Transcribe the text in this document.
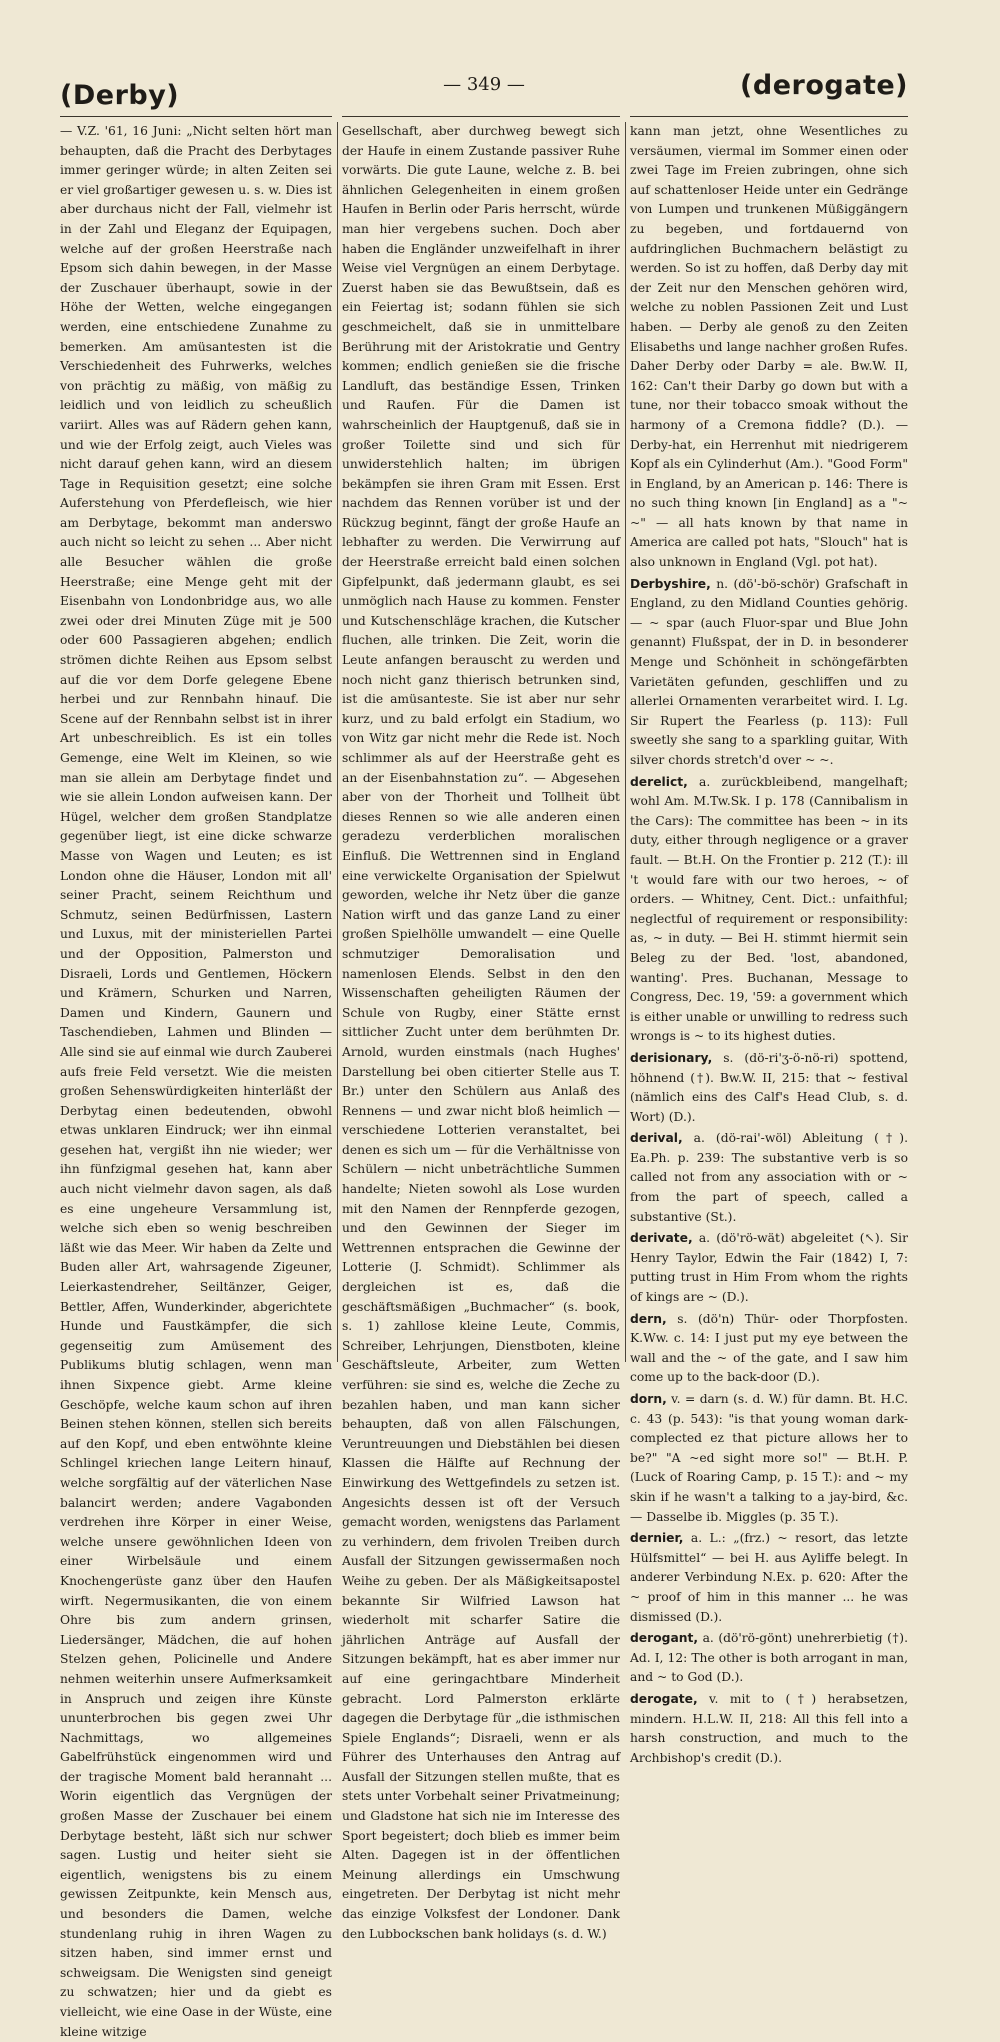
(Derby)	— 349 —	(derogate)

— V.Z. '61, 16 Juni: „Nicht selten hört man behaupten, daß die Pracht des Derbytages immer geringer würde; in alten Zeiten sei er viel großartiger gewesen u. s. w. Dies ist aber durchaus nicht der Fall, vielmehr ist in der Zahl und Eleganz der Equipagen, welche auf der großen Heerstraße nach Epsom sich dahin bewegen, in der Masse der Zuschauer überhaupt, sowie in der Höhe der Wetten, welche eingegangen werden, eine entschiedene Zunahme zu bemerken. Am amüsantesten ist die Verschiedenheit des Fuhrwerks, welches von prächtig zu mäßig, von mäßig zu leidlich und von leidlich zu scheußlich variirt. Alles was auf Rädern gehen kann, und wie der Erfolg zeigt, auch Vieles was nicht darauf gehen kann, wird an diesem Tage in Requisition gesetzt; eine solche Auferstehung von Pferdefleisch, wie hier am Derbytage, bekommt man anderswo auch nicht so leicht zu sehen ... Aber nicht alle Besucher wählen die große Heerstraße; eine Menge geht mit der Eisenbahn von Londonbridge aus, wo alle zwei oder drei Minuten Züge mit je 500 oder 600 Passagieren abgehen; endlich strömen dichte Reihen aus Epsom selbst auf die vor dem Dorfe gelegene Ebene herbei und zur Rennbahn hinauf. Die Scene auf der Rennbahn selbst ist in ihrer Art unbeschreiblich. Es ist ein tolles Gemenge, eine Welt im Kleinen, so wie man sie allein am Derbytage findet und wie sie allein London aufweisen kann. Der Hügel, welcher dem großen Standplatze gegenüber liegt, ist eine dicke schwarze Masse von Wagen und Leuten; es ist London ohne die Häuser, London mit all' seiner Pracht, seinem Reichthum und Schmutz, seinen Bedürfnissen, Lastern und Luxus, mit der ministeriellen Partei und der Opposition, Palmerston und Disraeli, Lords und Gentlemen, Höckern und Krämern, Schurken und Narren, Damen und Kindern, Gaunern und Taschendieben, Lahmen und Blinden — Alle sind sie auf einmal wie durch Zauberei aufs freie Feld versetzt. Wie die meisten großen Sehenswürdigkeiten hinterläßt der Derbytag einen bedeutenden, obwohl etwas unklaren Eindruck; wer ihn einmal gesehen hat, vergißt ihn nie wieder; wer ihn fünfzigmal gesehen hat, kann aber auch nicht vielmehr davon sagen, als daß es eine ungeheure Versammlung ist, welche sich eben so wenig beschreiben läßt wie das Meer. Wir haben da Zelte und Buden aller Art, wahrsagende Zigeuner, Leierkastendreher, Seiltänzer, Geiger, Bettler, Affen, Wunderkinder, abgerichtete Hunde und Faustkämpfer, die sich gegenseitig zum Amüsement des Publikums blutig schlagen, wenn man ihnen Sixpence giebt. Arme kleine Geschöpfe, welche kaum schon auf ihren Beinen stehen können, stellen sich bereits auf den Kopf, und eben entwöhnte kleine Schlingel kriechen lange Leitern hinauf, welche sorgfältig auf der väterlichen Nase balancirt werden; andere Vagabonden verdrehen ihre Körper in einer Weise, welche unsere gewöhnlichen Ideen von einer Wirbelsäule und einem Knochengerüste ganz über den Haufen wirft. Negermusikanten, die von einem Ohre bis zum andern grinsen, Liedersänger, Mädchen, die auf hohen Stelzen gehen, Policinelle und Andere nehmen weiterhin unsere Aufmerksamkeit in Anspruch und zeigen ihre Künste ununterbrochen bis gegen zwei Uhr Nachmittags, wo allgemeines Gabelfrühstück eingenommen wird und der tragische Moment bald herannaht ... Worin eigentlich das Vergnügen der großen Masse der Zuschauer bei einem Derbytage besteht, läßt sich nur schwer sagen. Lustig und heiter sieht sie eigentlich, wenigstens bis zu einem gewissen Zeitpunkte, kein Mensch aus, und besonders die Damen, welche stundenlang ruhig in ihren Wagen zu sitzen haben, sind immer ernst und schweigsam. Die Wenigsten sind geneigt zu schwatzen; hier und da giebt es vielleicht, wie eine Oase in der Wüste, eine kleine witzige

Gesellschaft, aber durchweg bewegt sich der Haufe in einem Zustande passiver Ruhe vorwärts. Die gute Laune, welche z. B. bei ähnlichen Gelegenheiten in einem großen Haufen in Berlin oder Paris herrscht, würde man hier vergebens suchen. Doch aber haben die Engländer unzweifelhaft in ihrer Weise viel Vergnügen an einem Derbytage. Zuerst haben sie das Bewußtsein, daß es ein Feiertag ist; sodann fühlen sie sich geschmeichelt, daß sie in unmittelbare Berührung mit der Aristokratie und Gentry kommen; endlich genießen sie die frische Landluft, das beständige Essen, Trinken und Raufen. Für die Damen ist wahrscheinlich der Hauptgenuß, daß sie in großer Toilette sind und sich für unwiderstehlich halten; im übrigen bekämpfen sie ihren Gram mit Essen. Erst nachdem das Rennen vorüber ist und der Rückzug beginnt, fängt der große Haufe an lebhafter zu werden. Die Verwirrung auf der Heerstraße erreicht bald einen solchen Gipfelpunkt, daß jedermann glaubt, es sei unmöglich nach Hause zu kommen. Fenster und Kutschenschläge krachen, die Kutscher fluchen, alle trinken. Die Zeit, worin die Leute anfangen berauscht zu werden und noch nicht ganz thierisch betrunken sind, ist die amüsanteste. Sie ist aber nur sehr kurz, und zu bald erfolgt ein Stadium, wo von Witz gar nicht mehr die Rede ist. Noch schlimmer als auf der Heerstraße geht es an der Eisenbahnstation zu“. — Abgesehen aber von der Thorheit und Tollheit übt dieses Rennen so wie alle anderen einen geradezu verderblichen moralischen Einfluß. Die Wettrennen sind in England eine verwickelte Organisation der Spielwut geworden, welche ihr Netz über die ganze Nation wirft und das ganze Land zu einer großen Spielhölle umwandelt — eine Quelle schmutziger Demoralisation und namenlosen Elends. Selbst in den den Wissenschaften geheiligten Räumen der Schule von Rugby, einer Stätte ernst sittlicher Zucht unter dem berühmten Dr. Arnold, wurden einstmals (nach Hughes' Darstellung bei oben citierter Stelle aus T. Br.) unter den Schülern aus Anlaß des Rennens — und zwar nicht bloß heimlich — verschiedene Lotterien veranstaltet, bei denen es sich um — für die Verhältnisse von Schülern — nicht unbeträchtliche Summen handelte; Nieten sowohl als Lose wurden mit den Namen der Rennpferde gezogen, und den Gewinnen der Sieger im Wettrennen entsprachen die Gewinne der Lotterie (J. Schmidt). Schlimmer als dergleichen ist es, daß die geschäftsmäßigen „Buchmacher“ (s. book, s. 1) zahllose kleine Leute, Commis, Schreiber, Lehrjungen, Dienstboten, kleine Geschäftsleute, Arbeiter, zum Wetten verführen: sie sind es, welche die Zeche zu bezahlen haben, und man kann sicher behaupten, daß von allen Fälschungen, Veruntreuungen und Diebstählen bei diesen Klassen die Hälfte auf Rechnung der Einwirkung des Wettgefindels zu setzen ist. Angesichts dessen ist oft der Versuch gemacht worden, wenigstens das Parlament zu verhindern, dem frivolen Treiben durch Ausfall der Sitzungen gewissermaßen noch Weihe zu geben. Der als Mäßigkeitsapostel bekannte Sir Wilfried Lawson hat wiederholt mit scharfer Satire die jährlichen Anträge auf Ausfall der Sitzungen bekämpft, hat es aber immer nur auf eine geringachtbare Minderheit gebracht. Lord Palmerston erklärte dagegen die Derbytage für „die isthmischen Spiele Englands“; Disraeli, wenn er als Führer des Unterhauses den Antrag auf Ausfall der Sitzungen stellen mußte, that es stets unter Vorbehalt seiner Privatmeinung; und Gladstone hat sich nie im Interesse des Sport begeistert; doch blieb es immer beim Alten. Dagegen ist in der öffentlichen Meinung allerdings ein Umschwung eingetreten. Der Derbytag ist nicht mehr das einzige Volksfest der Londoner. Dank den Lubbockschen bank holidays (s. d. W.)

kann man jetzt, ohne Wesentliches zu versäumen, viermal im Sommer einen oder zwei Tage im Freien zubringen, ohne sich auf schattenloser Heide unter ein Gedränge von Lumpen und trunkenen Müßiggängern zu begeben, und fortdauernd von aufdringlichen Buchmachern belästigt zu werden. So ist zu hoffen, daß Derby day mit der Zeit nur den Menschen gehören wird, welche zu noblen Passionen Zeit und Lust haben. — Derby ale genoß zu den Zeiten Elisabeths und lange nachher großen Rufes. Daher Derby oder Darby = ale. Bw.W. II, 162: Can't their Darby go down but with a tune, nor their tobacco smoak without the harmony of a Cremona fiddle? (D.). — Derby-hat, ein Herrenhut mit niedrigerem Kopf als ein Cylinderhut (Am.). "Good Form" in England, by an American p. 146: There is no such thing known [in England] as a "~ ~" — all hats known by that name in America are called pot hats, "Slouch" hat is also unknown in England (Vgl. pot hat).

Derbyshire, n. (dö'-bö-schör) Grafschaft in England, zu den Midland Counties gehörig. — ~ spar (auch Fluor-spar und Blue John genannt) Flußspat, der in D. in besonderer Menge und Schönheit in schöngefärbten Varietäten gefunden, geschliffen und zu allerlei Ornamenten verarbeitet wird. I. Lg. Sir Rupert the Fearless (p. 113): Full sweetly she sang to a sparkling guitar, With silver chords stretch'd over ~ ~.

derelict, a. zurückbleibend, mangelhaft; wohl Am. M.Tw.Sk. I p. 178 (Cannibalism in the Cars): The committee has been ~ in its duty, either through negligence or a graver fault. — Bt.H. On the Frontier p. 212 (T.): ill 't would fare with our two heroes, ~ of orders. — Whitney, Cent. Dict.: unfaithful; neglectful of requirement or responsibility: as, ~ in duty. — Bei H. stimmt hiermit sein Beleg zu der Bed. 'lost, abandoned, wanting'. Pres. Buchanan, Message to Congress, Dec. 19, '59: a government which is either unable or unwilling to redress such wrongs is ~ to its highest duties.

derisionary, s. (dö-ri'ʒ-ö-nö-ri) spottend, höhnend (†). Bw.W. II, 215: that ~ festival (nämlich eins des Calf's Head Club, s. d. Wort) (D.).

derival, a. (dö-rai'-wöl) Ableitung (†). Ea.Ph. p. 239: The substantive verb is so called not from any association with or ~ from the part of speech, called a substantive (St.).

derivate, a. (dö'rö-wät) abgeleitet (↖). Sir Henry Taylor, Edwin the Fair (1842) I, 7: putting trust in Him From whom the rights of kings are ~ (D.).

dern, s. (dö'n) Thür- oder Thorpfosten. K.Ww. c. 14: I just put my eye between the wall and the ~ of the gate, and I saw him come up to the back-door (D.).

dorn, v. = darn (s. d. W.) für damn. Bt. H.C. c. 43 (p. 543): "is that young woman dark-complected ez that picture allows her to be?" "A ~ed sight more so!" — Bt.H. P. (Luck of Roaring Camp, p. 15 T.): and ~ my skin if he wasn't a talking to a jay-bird, &c. — Dasselbe ib. Miggles (p. 35 T.).

dernier, a. L.: „(frz.) ~ resort, das letzte Hülfsmittel“ — bei H. aus Ayliffe belegt. In anderer Verbindung N.Ex. p. 620: After the ~ proof of him in this manner ... he was dismissed (D.).

derogant, a. (dö'rö-gönt) unehrerbietig (†). Ad. I, 12: The other is both arrogant in man, and ~ to God (D.).

derogate, v. mit to (†) herabsetzen, mindern. H.L.W. II, 218: All this fell into a harsh construction, and much to the Archbishop's credit (D.).
